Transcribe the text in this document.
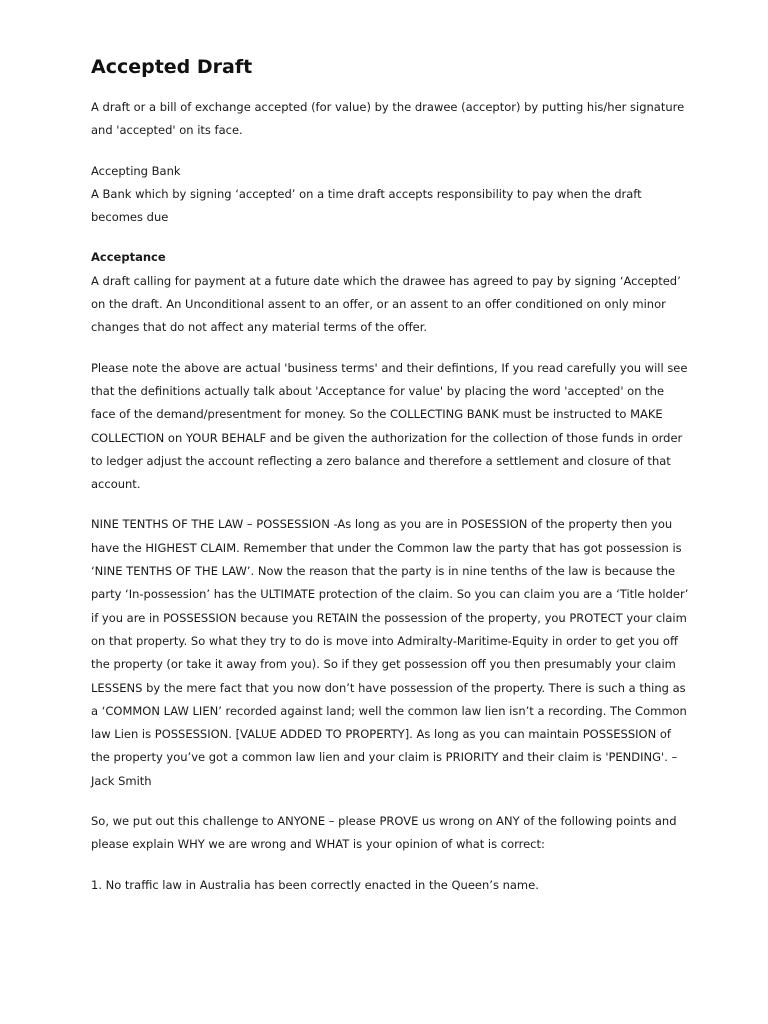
Accepted Draft

A draft or a bill of exchange accepted (for value) by the drawee (acceptor) by putting his/her signature and 'accepted' on its face.

Accepting Bank

A Bank which by signing ‘accepted’ on a time draft accepts responsibility to pay when the draft becomes due

Acceptance

A draft calling for payment at a future date which the drawee has agreed to pay by signing ‘Accepted’ on the draft. An Unconditional assent to an offer, or an assent to an offer conditioned on only minor changes that do not affect any material terms of the offer.

Please note the above are actual 'business terms' and their defintions, If you read carefully you will see that the definitions actually talk about 'Acceptance for value' by placing the word 'accepted' on the face of the demand/presentment for money. So the COLLECTING BANK must be instructed to MAKE COLLECTION on YOUR BEHALF and be given the authorization for the collection of those funds in order to ledger adjust the account reflecting a zero balance and therefore a settlement and closure of that account.

NINE TENTHS OF THE LAW – POSSESSION -As long as you are in POSESSION of the property then you have the HIGHEST CLAIM. Remember that under the Common law the party that has got possession is ‘NINE TENTHS OF THE LAW’. Now the reason that the party is in nine tenths of the law is because the party ‘In-possession’ has the ULTIMATE protection of the claim. So you can claim you are a ‘Title holder’ if you are in POSSESSION because you RETAIN the possession of the property, you PROTECT your claim on that property. So what they try to do is move into Admiralty-Maritime-Equity in order to get you off the property (or take it away from you). So if they get possession off you then presumably your claim LESSENS by the mere fact that you now don’t have possession of the property. There is such a thing as a ‘COMMON LAW LIEN’ recorded against land; well the common law lien isn’t a recording. The Common law Lien is POSSESSION. [VALUE ADDED TO PROPERTY]. As long as you can maintain POSSESSION of the property you’ve got a common law lien and your claim is PRIORITY and their claim is 'PENDING'. – Jack Smith

So, we put out this challenge to ANYONE – please PROVE us wrong on ANY of the following points and please explain WHY we are wrong and WHAT is your opinion of what is correct:

1. No traffic law in Australia has been correctly enacted in the Queen’s name.
